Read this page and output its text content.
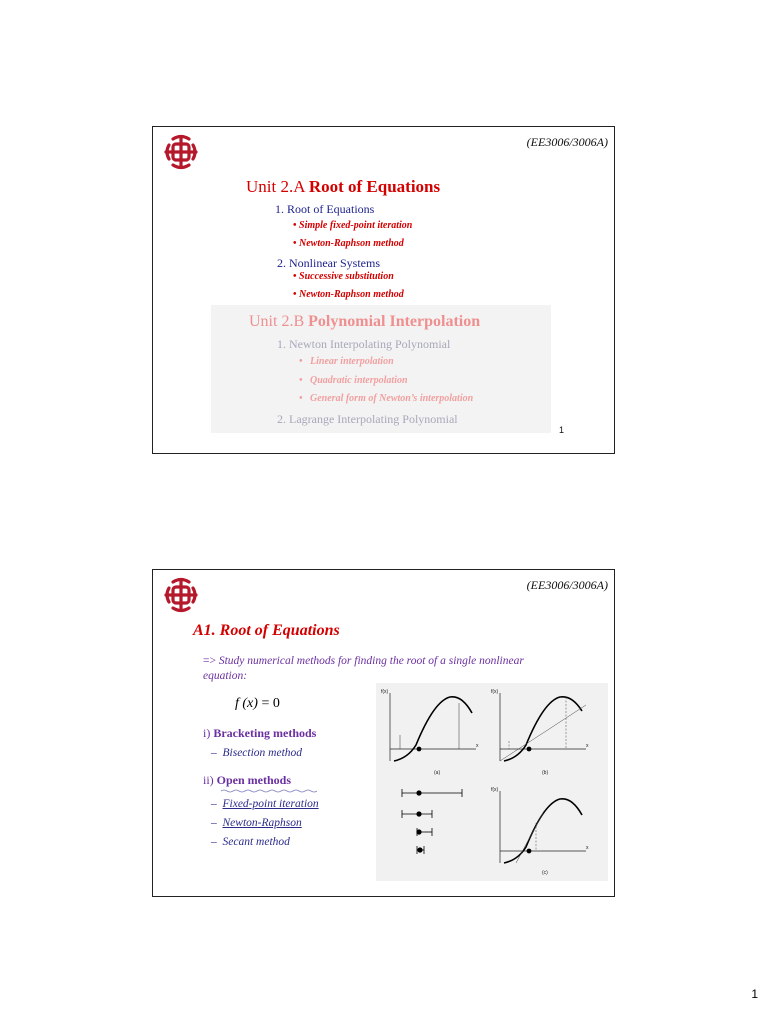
(EE3006/3006A)
Unit 2.A Root of Equations
1. Root of Equations
• Simple fixed-point iteration
• Newton-Raphson method
2. Nonlinear Systems
• Successive substitution
• Newton-Raphson method
Unit 2.B Polynomial Interpolation
1. Newton Interpolating Polynomial
•   Linear interpolation
•   Quadratic interpolation
•   General form of Newton’s interpolation
2. Lagrange Interpolating Polynomial
1
(EE3006/3006A)
A1. Root of Equations
=> Study numerical methods for finding the root of a single nonlinear equation:
f (x) = 0
i) Bracketing methods
–  Bisection method
ii) Open methods
–  Fixed-point iteration
–  Newton-Raphson
–  Secant method
f(x)
x
(a)
f(x)
x
(b)
f(x)
x
(c)
1
